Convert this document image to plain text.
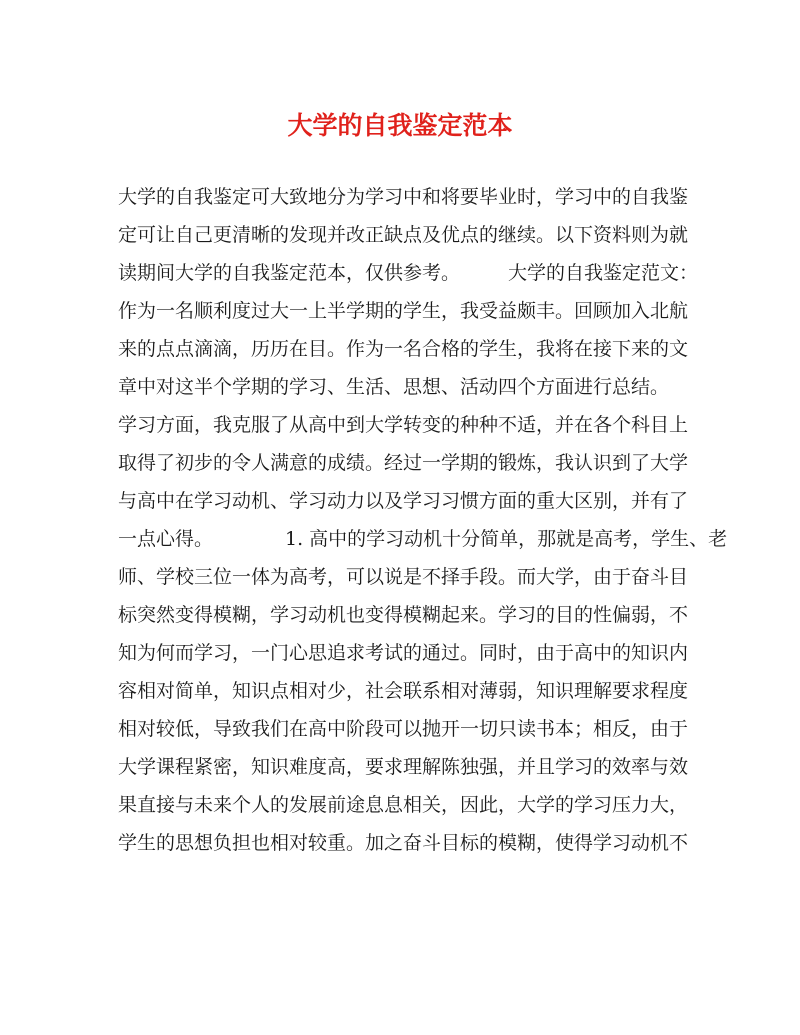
大学的自我鉴定范本
大学的自我鉴定可大致地分为学习中和将要毕业时，学习中的自我鉴
定可让自己更清晰的发现并改正缺点及优点的继续。以下资料则为就
读期间大学的自我鉴定范本，仅供参考。	大学的自我鉴定范文：
作为一名顺利度过大一上半学期的学生，我受益颇丰。回顾加入北航
来的点点滴滴，历历在目。作为一名合格的学生，我将在接下来的文
章中对这半个学期的学习、生活、思想、活动四个方面进行总结。
学习方面，我克服了从高中到大学转变的种种不适，并在各个科目上
取得了初步的令人满意的成绩。经过一学期的锻炼，我认识到了大学
与高中在学习动机、学习动力以及学习习惯方面的重大区别，并有了
一点心得。	1. 高中的学习动机十分简单，那就是高考，学生、老
师、学校三位一体为高考，可以说是不择手段。而大学，由于奋斗目
标突然变得模糊，学习动机也变得模糊起来。学习的目的性偏弱，不
知为何而学习，一门心思追求考试的通过。同时，由于高中的知识内
容相对简单，知识点相对少，社会联系相对薄弱，知识理解要求程度
相对较低，导致我们在高中阶段可以抛开一切只读书本；相反，由于
大学课程紧密，知识难度高，要求理解陈独强，并且学习的效率与效
果直接与未来个人的发展前途息息相关，因此，大学的学习压力大，
学生的思想负担也相对较重。加之奋斗目标的模糊，使得学习动机不
